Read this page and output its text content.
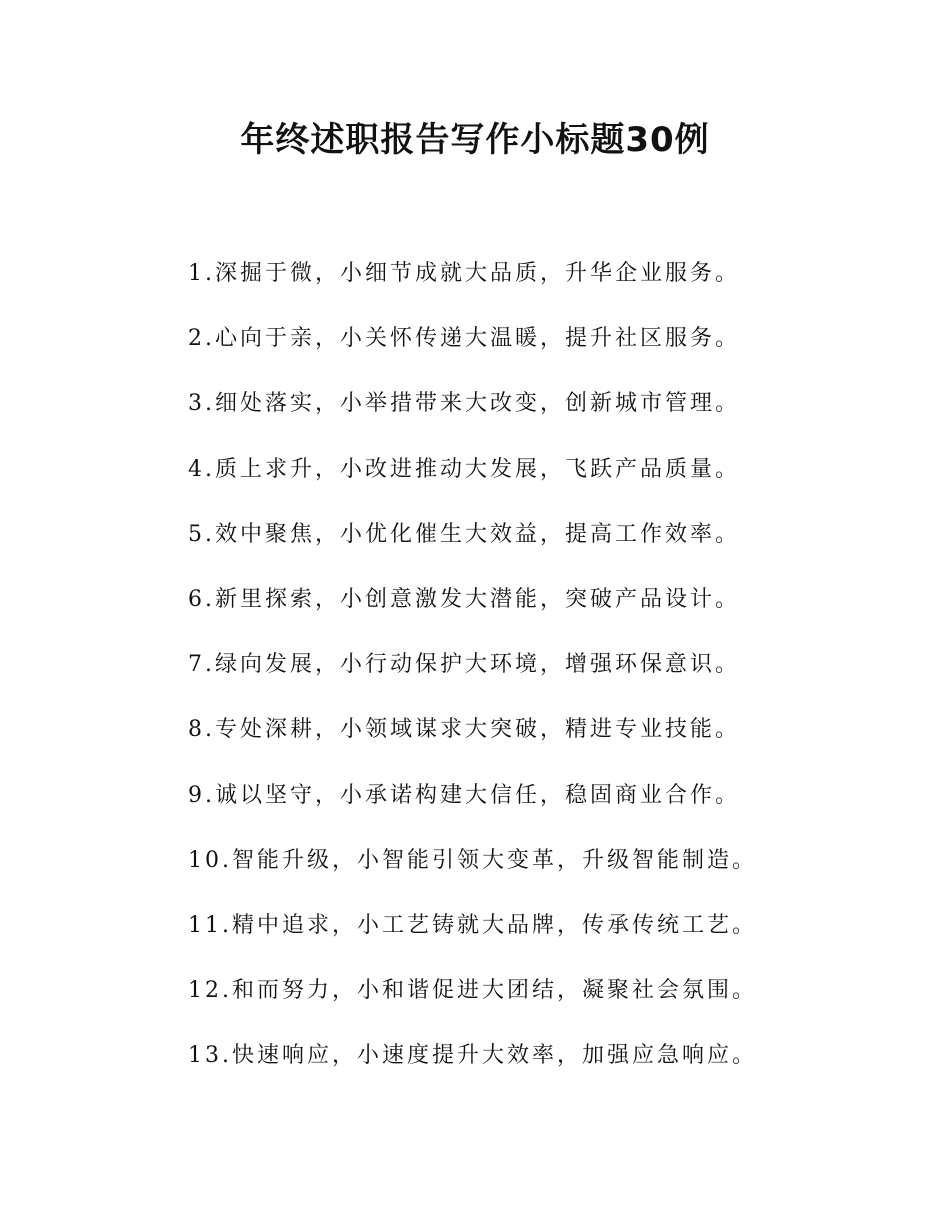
年终述职报告写作小标题30例
1.深掘于微，小细节成就大品质，升华企业服务。
2.心向于亲，小关怀传递大温暖，提升社区服务。
3.细处落实，小举措带来大改变，创新城市管理。
4.质上求升，小改进推动大发展，飞跃产品质量。
5.效中聚焦，小优化催生大效益，提高工作效率。
6.新里探索，小创意激发大潜能，突破产品设计。
7.绿向发展，小行动保护大环境，增强环保意识。
8.专处深耕，小领域谋求大突破，精进专业技能。
9.诚以坚守，小承诺构建大信任，稳固商业合作。
10.智能升级，小智能引领大变革，升级智能制造。
11.精中追求，小工艺铸就大品牌，传承传统工艺。
12.和而努力，小和谐促进大团结，凝聚社会氛围。
13.快速响应，小速度提升大效率，加强应急响应。
